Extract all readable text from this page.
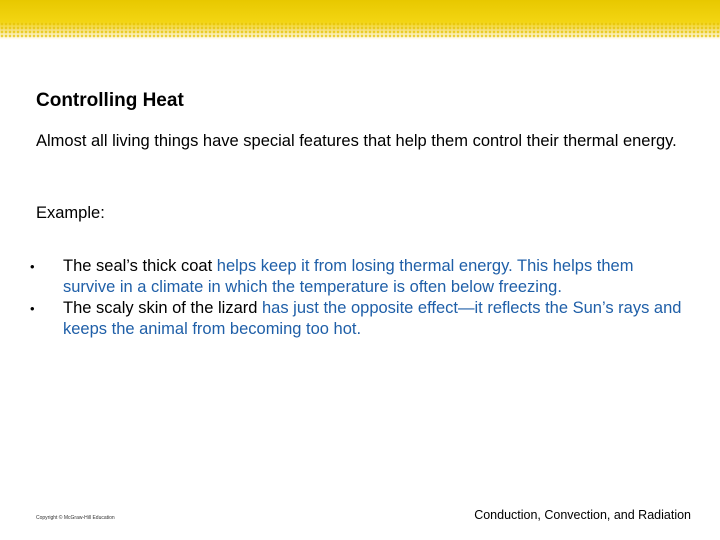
Controlling Heat
Almost all living things have special features that help them control their thermal energy.
Example:
• The seal’s thick coat helps keep it from losing thermal energy. This helps them survive in a climate in which the temperature is often below freezing.
• The scaly skin of the lizard has just the opposite effect—it reflects the Sun’s rays and keeps the animal from becoming too hot.
Copyright © McGraw-Hill Education	Conduction, Convection, and Radiation
